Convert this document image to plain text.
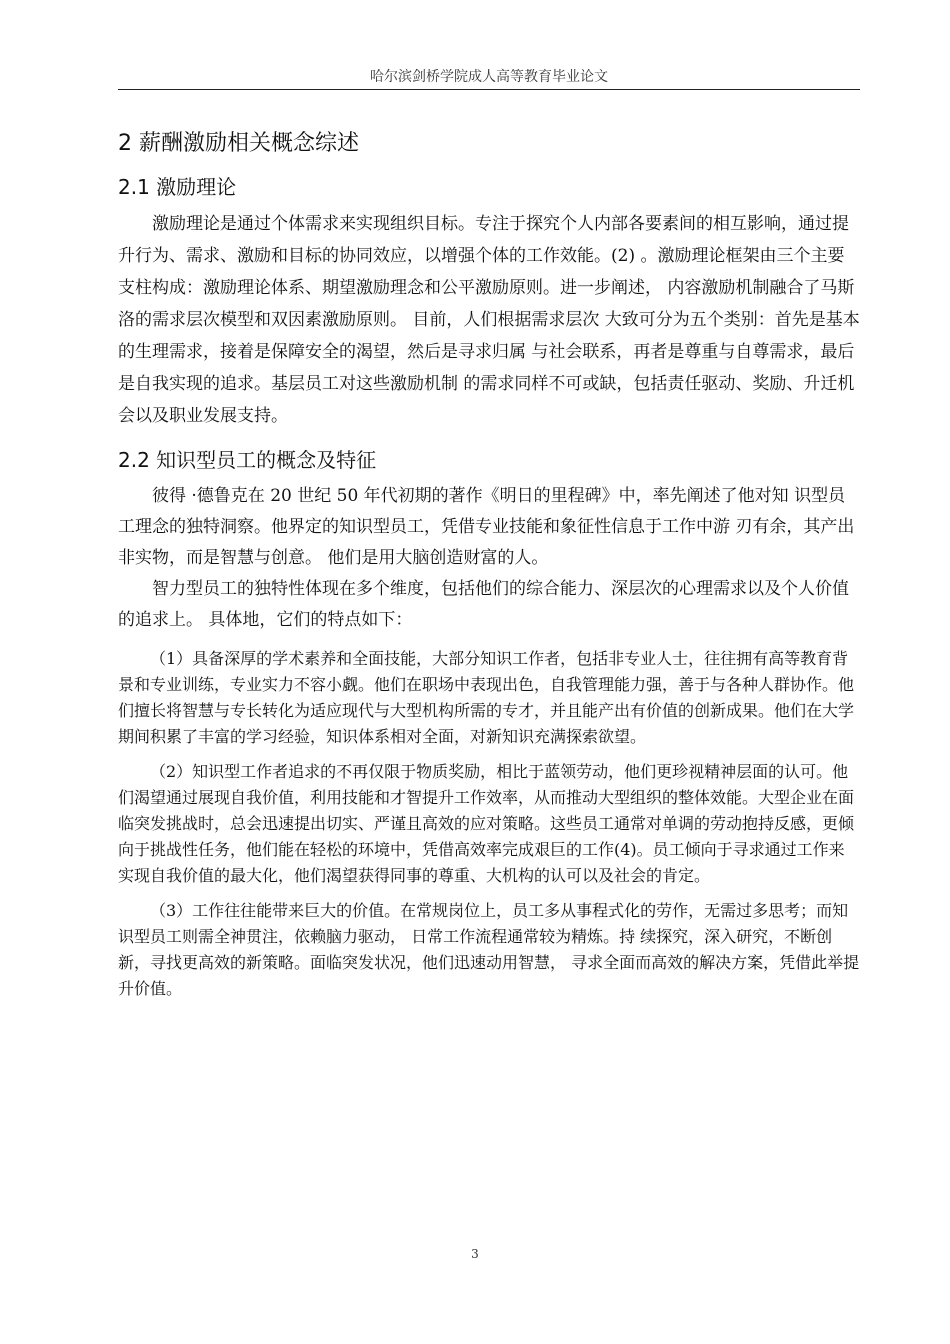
哈尔滨剑桥学院成人高等教育毕业论文
2 薪酬激励相关概念综述
2.1 激励理论

激励理论是通过个体需求来实现组织目标。专注于探究个人内部各要素间的相互影响，通过提升行为、需求、激励和目标的协同效应，以增强个体的工作效能。(2) 。激励理论框架由三个主要支柱构成：激励理论体系、期望激励理念和公平激励原则。进一步阐述， 内容激励机制融合了马斯洛的需求层次模型和双因素激励原则。 目前，人们根据需求层次 大致可分为五个类别：首先是基本的生理需求，接着是保障安全的渴望，然后是寻求归属 与社会联系，再者是尊重与自尊需求，最后是自我实现的追求。基层员工对这些激励机制 的需求同样不可或缺，包括责任驱动、奖励、升迁机会以及职业发展支持。

2.2 知识型员工的概念及特征

彼得 ·德鲁克在 20 世纪 50 年代初期的著作《明日的里程碑》中，率先阐述了他对知 识型员工理念的独特洞察。他界定的知识型员工，凭借专业技能和象征性信息于工作中游 刃有余，其产出非实物，而是智慧与创意。 他们是用大脑创造财富的人。

智力型员工的独特性体现在多个维度，包括他们的综合能力、深层次的心理需求以及个人价值的追求上。 具体地，它们的特点如下：

（1）具备深厚的学术素养和全面技能，大部分知识工作者，包括非专业人士，往往拥有高等教育背景和专业训练，专业实力不容小觑。他们在职场中表现出色，自我管理能力强，善于与各种人群协作。他们擅长将智慧与专长转化为适应现代与大型机构所需的专才，并且能产出有价值的创新成果。他们在大学期间积累了丰富的学习经验，知识体系相对全面，对新知识充满探索欲望。

（2）知识型工作者追求的不再仅限于物质奖励，相比于蓝领劳动，他们更珍视精神层面的认可。他们渴望通过展现自我价值，利用技能和才智提升工作效率，从而推动大型组织的整体效能。大型企业在面临突发挑战时，总会迅速提出切实、严谨且高效的应对策略。这些员工通常对单调的劳动抱持反感，更倾向于挑战性任务，他们能在轻松的环境中，凭借高效率完成艰巨的工作(4)。员工倾向于寻求通过工作来实现自我价值的最大化，他们渴望获得同事的尊重、大机构的认可以及社会的肯定。

（3）工作往往能带来巨大的价值。在常规岗位上，员工多从事程式化的劳作，无需过多思考；而知识型员工则需全神贯注，依赖脑力驱动， 日常工作流程通常较为精炼。持 续探究，深入研究，不断创新，寻找更高效的新策略。面临突发状况，他们迅速动用智慧， 寻求全面而高效的解决方案，凭借此举提升价值。

3
